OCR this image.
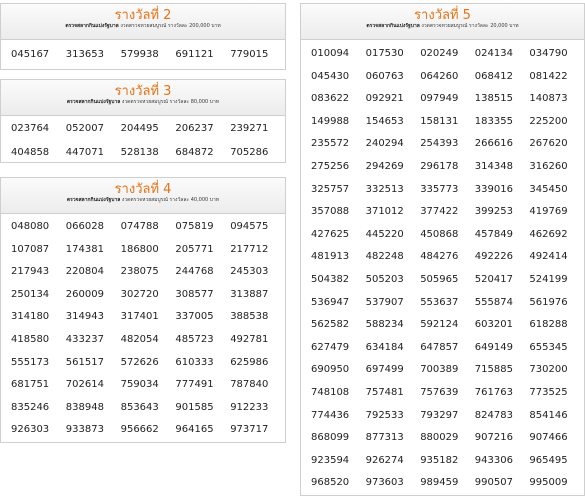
รางวัลที่ 2
ตรวจสลากกินแบ่งรัฐบาล งวดตรวจหวยสมบูรณ์ รางวัลละ 200,000 บาท
045167	313653	579938	691121	779015
รางวัลที่ 3
ตรวจสลากกินแบ่งรัฐบาล งวดตรวจหวยสมบูรณ์ รางวัลละ 80,000 บาท
023764	052007	204495	206237	239271
404858	447071	528138	684872	705286
รางวัลที่ 4
ตรวจสลากกินแบ่งรัฐบาล งวดตรวจหวยสมบูรณ์ รางวัลละ 40,000 บาท
048080	066028	074788	075819	094575
107087	174381	186800	205771	217712
217943	220804	238075	244768	245303
250134	260009	302720	308577	313887
314180	314943	317401	337005	388538
418580	433237	482054	485723	492781
555173	561517	572626	610333	625986
681751	702614	759034	777491	787840
835246	838948	853643	901585	912233
926303	933873	956662	964165	973717
รางวัลที่ 5
ตรวจสลากกินแบ่งรัฐบาล งวดตรวจหวยสมบูรณ์ รางวัลละ 20,000 บาท
010094	017530	020249	024134	034790
045430	060763	064260	068412	081422
083622	092921	097949	138515	140873
149988	154653	158131	183355	225200
235572	240294	254393	266616	267620
275256	294269	296178	314348	316260
325757	332513	335773	339016	345450
357088	371012	377422	399253	419769
427625	445220	450868	457849	462692
481913	482248	484276	492226	492414
504382	505203	505965	520417	524199
536947	537907	553637	555874	561976
562582	588234	592124	603201	618288
627479	634184	647857	649149	655345
690950	697499	700389	715885	730200
748108	757481	757639	761763	773525
774436	792533	793297	824783	854146
868099	877313	880029	907216	907466
923594	926274	935182	943306	965495
968520	973603	989459	990507	995009
